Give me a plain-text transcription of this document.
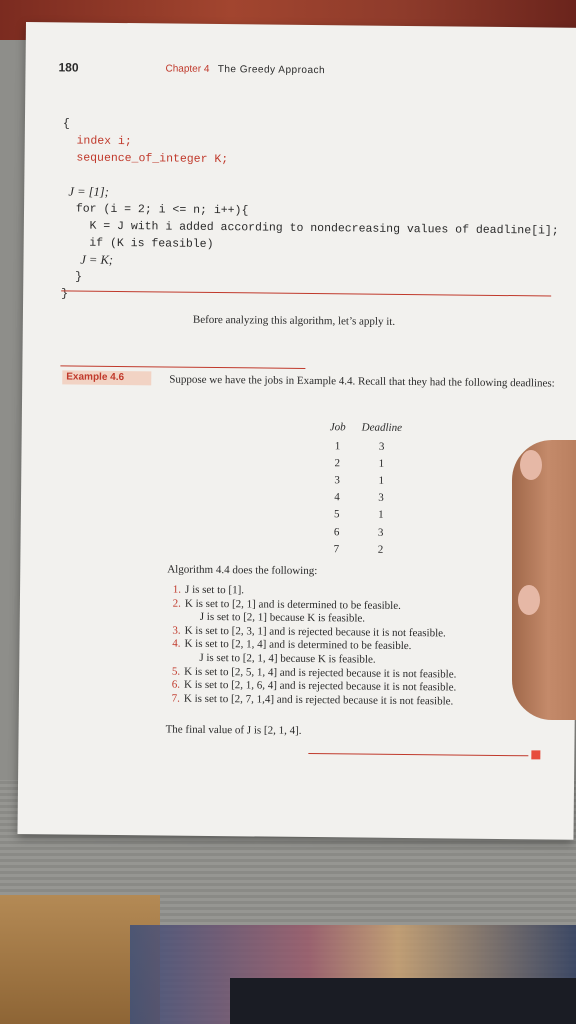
180	Chapter 4 The Greedy Approach
{
index i;
sequence_of_integer K;
J = [1];
for (i = 2; i <= n; i++){
K = J with i added according to nondecreasing values of deadline[i];
if (K is feasible)
J = K;
}
}
Before analyzing this algorithm, let’s apply it.
Example 4.6	Suppose we have the jobs in Example 4.4. Recall that they had the following deadlines:
Job	Deadline
1	3
2	1
3	1
4	3
5	1
6	3
7	2
Algorithm 4.4 does the following:
1. J is set to [1].
2. K is set to [2, 1] and is determined to be feasible.
J is set to [2, 1] because K is feasible.
3. K is set to [2, 3, 1] and is rejected because it is not feasible.
4. K is set to [2, 1, 4] and is determined to be feasible.
J is set to [2, 1, 4] because K is feasible.
5. K is set to [2, 5, 1, 4] and is rejected because it is not feasible.
6. K is set to [2, 1, 6, 4] and is rejected because it is not feasible.
7. K is set to [2, 7, 1,4] and is rejected because it is not feasible.
The final value of J is [2, 1, 4].
